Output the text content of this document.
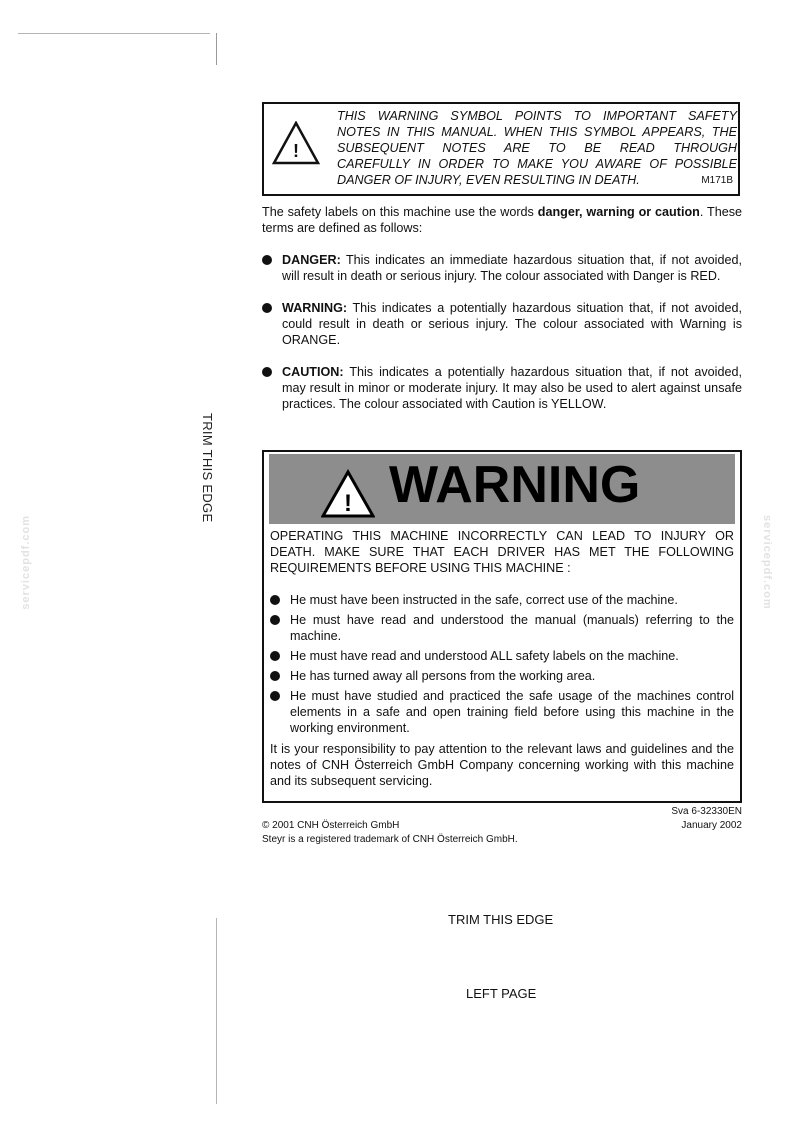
TRIM THIS EDGE
servicepdf.com	servicepdf.com
!
THIS WARNING SYMBOL POINTS TO IMPORTANT SAFETY
NOTES IN THIS MANUAL. WHEN THIS SYMBOL APPEARS, THE
SUBSEQUENT NOTES ARE TO BE READ THROUGH
CAREFULLY IN ORDER TO MAKE YOU AWARE OF POSSIBLE
DANGER OF INJURY, EVEN RESULTING IN DEATH.	M171B
The safety labels on this machine use the words danger, warning or caution. These terms are defined as follows:
DANGER: This indicates an immediate hazardous situation that, if not avoided, will result in death or serious injury. The colour associated with Danger is RED.
WARNING: This indicates a potentially hazardous situation that, if not avoided, could result in death or serious injury. The colour associated with Warning is ORANGE.
CAUTION: This indicates a potentially hazardous situation that, if not avoided, may result in minor or moderate injury. It may also be used to alert against unsafe practices. The colour associated with Caution is YELLOW.
! WARNING
OPERATING THIS MACHINE INCORRECTLY CAN LEAD TO INJURY OR DEATH. MAKE SURE THAT EACH DRIVER HAS MET THE FOLLOWING REQUIREMENTS BEFORE USING THIS MACHINE :
He must have been instructed in the safe, correct use of the machine.
He must have read and understood the manual (manuals) referring to the machine.
He must have read and understood ALL safety labels on the machine.
He has turned away all persons from the working area.
He must have studied and practiced the safe usage of the machines control elements in a safe and open training field before using this machine in the working environment.
It is your responsibility to pay attention to the relevant laws and guidelines and the notes of CNH Österreich GmbH Company concerning working with this machine and its subsequent servicing.
© 2001 CNH Österreich GmbH
Steyr is a registered trademark of CNH Österreich GmbH.
Sva 6-32330EN
January 2002
TRIM THIS EDGE
LEFT PAGE
